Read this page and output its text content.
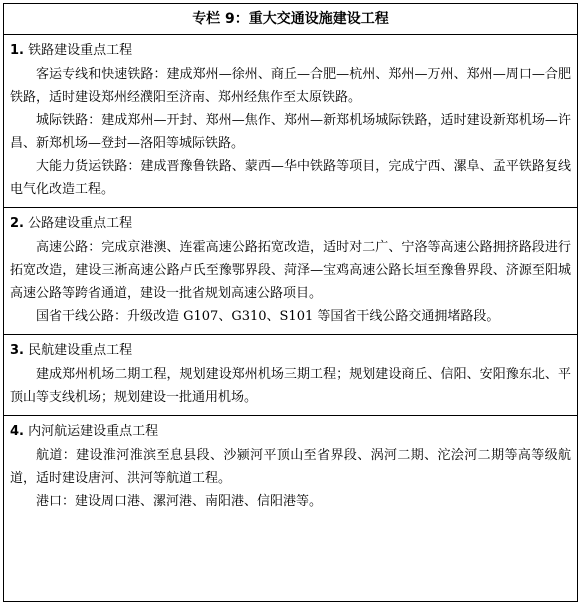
专栏 9：重大交通设施建设工程
1. 铁路建设重点工程

客运专线和快速铁路：建成郑州—徐州、商丘—合肥—杭州、郑州—万州、郑州—周口—合肥铁路，适时建设郑州经濮阳至济南、郑州经焦作至太原铁路。

城际铁路：建成郑州—开封、郑州—焦作、郑州—新郑机场城际铁路，适时建设新郑机场—许昌、新郑机场—登封—洛阳等城际铁路。

大能力货运铁路：建成晋豫鲁铁路、蒙西—华中铁路等项目，完成宁西、漯阜、孟平铁路复线电气化改造工程。

2. 公路建设重点工程

高速公路：完成京港澳、连霍高速公路拓宽改造，适时对二广、宁洛等高速公路拥挤路段进行拓宽改造，建设三淅高速公路卢氏至豫鄂界段、菏泽—宝鸡高速公路长垣至豫鲁界段、济源至阳城高速公路等跨省通道，建设一批省规划高速公路项目。

国省干线公路：升级改造 G107、G310、S101 等国省干线公路交通拥堵路段。

3. 民航建设重点工程

建成郑州机场二期工程，规划建设郑州机场三期工程；规划建设商丘、信阳、安阳豫东北、平顶山等支线机场；规划建设一批通用机场。

4. 内河航运建设重点工程

航道：建设淮河淮滨至息县段、沙颍河平顶山至省界段、涡河二期、沱浍河二期等高等级航道，适时建设唐河、洪河等航道工程。

港口：建设周口港、漯河港、南阳港、信阳港等。
